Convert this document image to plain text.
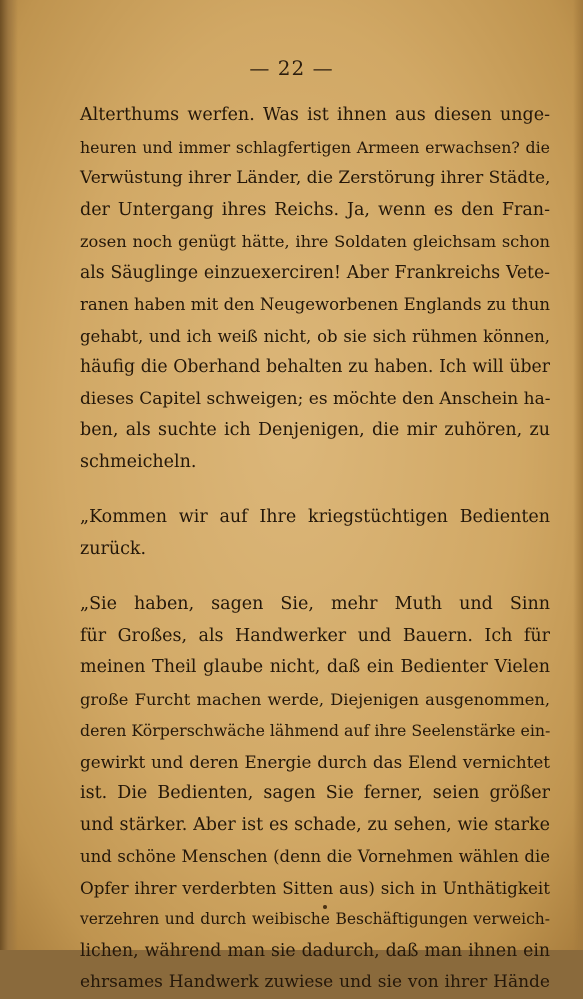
— 22 —
Alterthums werfen. Was ist ihnen aus diesen unge-
heuren und immer schlagfertigen Armeen erwachsen? die
Verwüstung ihrer Länder, die Zerstörung ihrer Städte,
der Untergang ihres Reichs. Ja, wenn es den Fran-
zosen noch genügt hätte, ihre Soldaten gleichsam schon
als Säuglinge einzuexerciren! Aber Frankreichs Vete-
ranen haben mit den Neugeworbenen Englands zu thun
gehabt, und ich weiß nicht, ob sie sich rühmen können,
häufig die Oberhand behalten zu haben. Ich will über
dieses Capitel schweigen; es möchte den Anschein ha-
ben, als suchte ich Denjenigen, die mir zuhören, zu
schmeicheln.
„Kommen wir auf Ihre kriegstüchtigen Bedienten
zurück.
„Sie haben, sagen Sie, mehr Muth und Sinn
für Großes, als Handwerker und Bauern. Ich für
meinen Theil glaube nicht, daß ein Bedienter Vielen
große Furcht machen werde, Diejenigen ausgenommen,
deren Körperschwäche lähmend auf ihre Seelenstärke ein-
gewirkt und deren Energie durch das Elend vernichtet
ist. Die Bedienten, sagen Sie ferner, seien größer
und stärker. Aber ist es schade, zu sehen, wie starke
und schöne Menschen (denn die Vornehmen wählen die
Opfer ihrer verderbten Sitten aus) sich in Unthätigkeit
verzehren und durch weibische Beschäftigungen verweich-
lichen, während man sie dadurch, daß man ihnen ein
ehrsames Handwerk zuwiese und sie von ihrer Hände
